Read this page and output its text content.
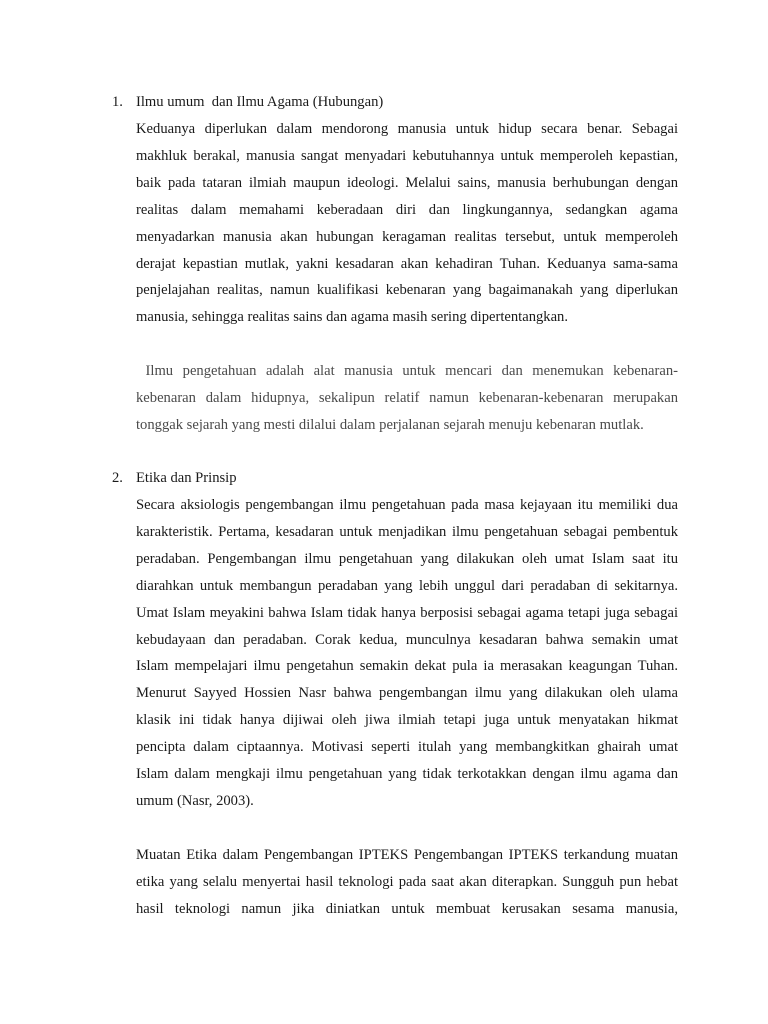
1. Ilmu umum  dan Ilmu Agama (Hubungan)
Keduanya diperlukan dalam mendorong manusia untuk hidup secara benar. Sebagai
makhluk berakal, manusia sangat menyadari kebutuhannya untuk memperoleh kepastian,
baik pada tataran ilmiah maupun ideologi. Melalui sains, manusia berhubungan dengan
realitas dalam memahami keberadaan diri dan lingkungannya, sedangkan agama
menyadarkan manusia akan hubungan keragaman realitas tersebut, untuk memperoleh
derajat kepastian mutlak, yakni kesadaran akan kehadiran Tuhan. Keduanya sama-sama
penjelajahan realitas, namun kualifikasi kebenaran yang bagaimanakah yang diperlukan
manusia, sehingga realitas sains dan agama masih sering dipertentangkan.
Ilmu pengetahuan adalah alat manusia untuk mencari dan menemukan kebenaran-
kebenaran dalam hidupnya, sekalipun relatif namun kebenaran-kebenaran merupakan
tonggak sejarah yang mesti dilalui dalam perjalanan sejarah menuju kebenaran mutlak.
2. Etika dan Prinsip
Secara aksiologis pengembangan ilmu pengetahuan pada masa kejayaan itu memiliki dua
karakteristik. Pertama, kesadaran untuk menjadikan ilmu pengetahuan sebagai pembentuk
peradaban. Pengembangan ilmu pengetahuan yang dilakukan oleh umat Islam saat itu
diarahkan untuk membangun peradaban yang lebih unggul dari peradaban di sekitarnya.
Umat Islam meyakini bahwa Islam tidak hanya berposisi sebagai agama tetapi juga sebagai
kebudayaan dan peradaban. Corak kedua, munculnya kesadaran bahwa semakin umat
Islam mempelajari ilmu pengetahun semakin dekat pula ia merasakan keagungan Tuhan.
Menurut Sayyed Hossien Nasr bahwa pengembangan ilmu yang dilakukan oleh ulama
klasik ini tidak hanya dijiwai oleh jiwa ilmiah tetapi juga untuk menyatakan hikmat
pencipta dalam ciptaannya. Motivasi seperti itulah yang membangkitkan ghairah umat
Islam dalam mengkaji ilmu pengetahuan yang tidak terkotakkan dengan ilmu agama dan
umum (Nasr, 2003).
Muatan Etika dalam Pengembangan IPTEKS Pengembangan IPTEKS terkandung muatan
etika yang selalu menyertai hasil teknologi pada saat akan diterapkan. Sungguh pun hebat
hasil teknologi namun jika diniatkan untuk membuat kerusakan sesama manusia,
